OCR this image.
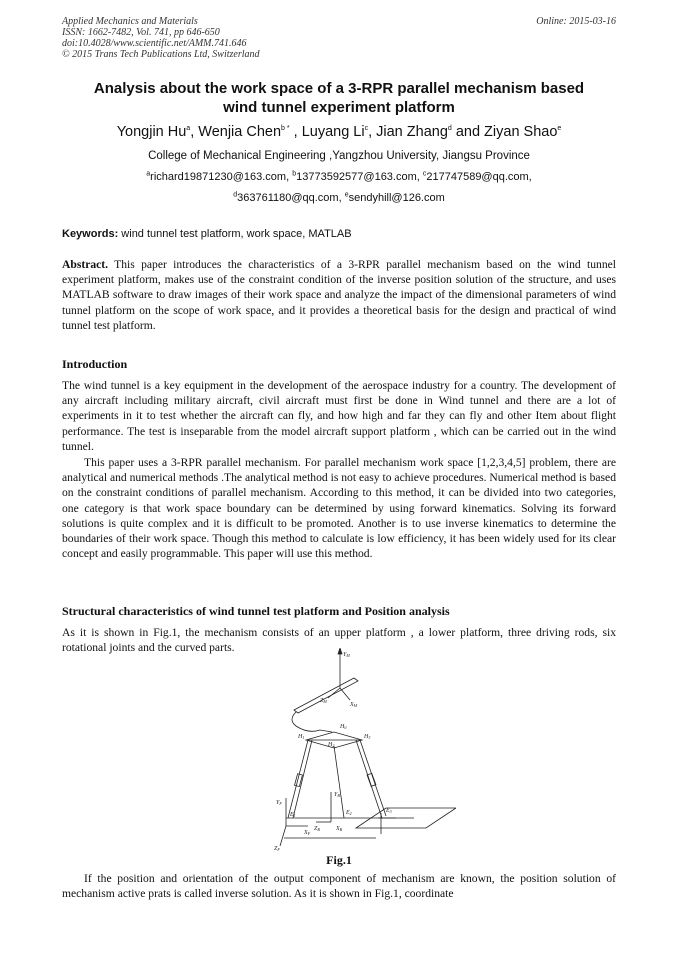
Applied Mechanics and Materials
ISSN: 1662-7482, Vol. 741, pp 646-650
doi:10.4028/www.scientific.net/AMM.741.646
© 2015 Trans Tech Publications Ltd, Switzerland
Online: 2015-03-16
Analysis about the work space of a 3-RPR parallel mechanism based
wind tunnel experiment platform
Yongjin Hu$^a$, Wenjia Chen$^{b *}$ , Luyang Li$^c$, Jian Zhang$^d$ and Ziyan Shao$^e$
College of Mechanical Engineering ,Yangzhou University, Jiangsu Province
$^a$richard19871230@163.com, $^b$13773592577@163.com, $^c$217747589@qq.com,
$^d$363761180@qq.com, $^e$sendyhill@126.com
Keywords: wind tunnel test platform, work space, MATLAB
Abstract. This paper introduces the characteristics of a 3-RPR parallel mechanism based on the wind tunnel experiment platform, makes use of the constraint condition of the inverse position solution of the structure, and uses MATLAB software to draw images of their work space and analyze the impact of the dimensional parameters of wind tunnel platform on the scope of work space, and it provides a theoretical basis for the design and practical of wind tunnel test platform.
Introduction
The wind tunnel is a key equipment in the development of the aerospace industry for a country. The development of any aircraft including military aircraft, civil aircraft must first be done in Wind tunnel and there are a lot of experiments in it to test whether the aircraft can fly, and how high and far they can fly and other Item about flight performance. The test is inseparable from the model aircraft support platform , which can be carried out in the wind tunnel.
This paper uses a 3-RPR parallel mechanism. For parallel mechanism work space [1,2,3,4,5] problem, there are analytical and numerical methods .The analytical method is not easy to achieve procedures. Numerical method is based on the constraint conditions of parallel mechanism. According to this method, it can be divided into two categories, one category is that work space boundary can be determined by using forward kinematics. Solving its forward solutions is quite complex and it is difficult to be promoted. Another is to use inverse kinematics to determine the boundaries of their work space. Though this method to calculate is low efficiency, it has been widely used for its clear concept and easily programmable. This paper will use this method.
Structural characteristics of wind tunnel test platform and Position analysis
As it is shown in Fig.1, the mechanism consists of an upper platform , a lower platform, three driving rods, six rotational joints and the curved parts.
YM
XM
ZM
H0
H1
H2
H3
YB
ZB	XB
E1	E2	E3
YF
XF
ZF
Fig.1
If the position and orientation of the output component of mechanism are known, the position solution of mechanism active prats is called inverse solution. As it is shown in Fig.1, coordinate
